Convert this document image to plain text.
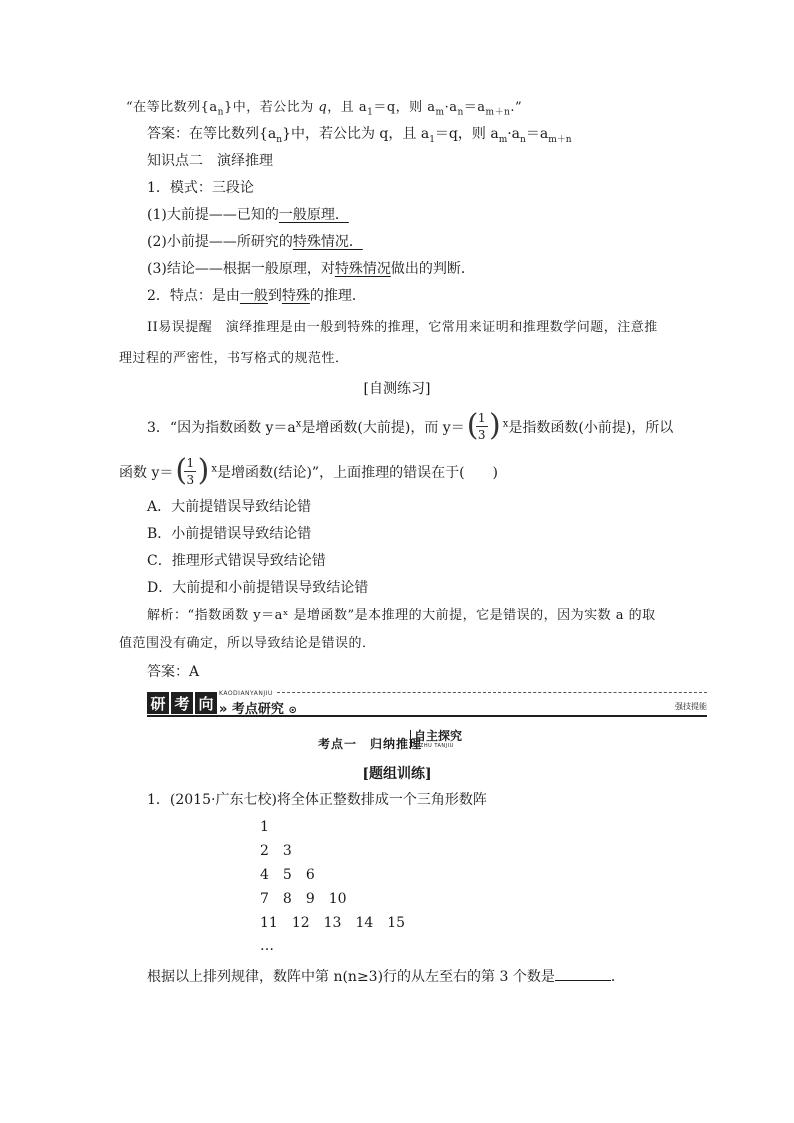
“在等比数列$\{a_n\}$中，若公比为 q，且 $a_1=q$，则 $a_m\cdot a_n=a_{m+n}$.”
答案：在等比数列$\{a_n\}$中，若公比为 q，且 $a_1=q$，则 $a_m\cdot a_n=a_{m+n}$
知识点二　演绎推理
1．模式：三段论
(1)大前提——已知的一般原理．
(2)小前提——所研究的特殊情况．
(3)结论——根据一般原理，对特殊情况做出的判断．
2．特点：是由一般到特殊的推理．
ⅠⅠ易误提醒　演绎推理是由一般到特殊的推理，它常用来证明和推理数学问题，注意推
理过程的严密性，书写格式的规范性．
[自测练习]
3．“因为指数函数 $y=a^x$是增函数(大前提)，而 y＝ ( 1
3 ) $^x$是指数函数(小前提)，所以
函数 y＝ ( 1
3 ) $^x$是增函数(结论)”，上面推理的错误在于(　　)
A．大前提错误导致结论错
B．小前提错误导致结论错
C．推理形式错误导致结论错
D．大前提和小前提错误导致结论错
解析：“指数函数 y＝aˣ 是增函数”是本推理的大前提，它是错误的，因为实数 a 的取
值范围没有确定，所以导致结论是错误的．
答案：A
研 考 向
KAODIANYANJIU
» 考点研究 ⊙	强技提能
考点一　归纳推理
自主探究
ZIZHU TANJIU
[题组训练]
1．(2015·广东七校)将全体正整数排成一个三角形数阵
1
2　3
4　5　6
7　8　9　10
11　12　13　14　15
…
根据以上排列规律，数阵中第 n(n≥3)行的从左至右的第 3 个数是	．
